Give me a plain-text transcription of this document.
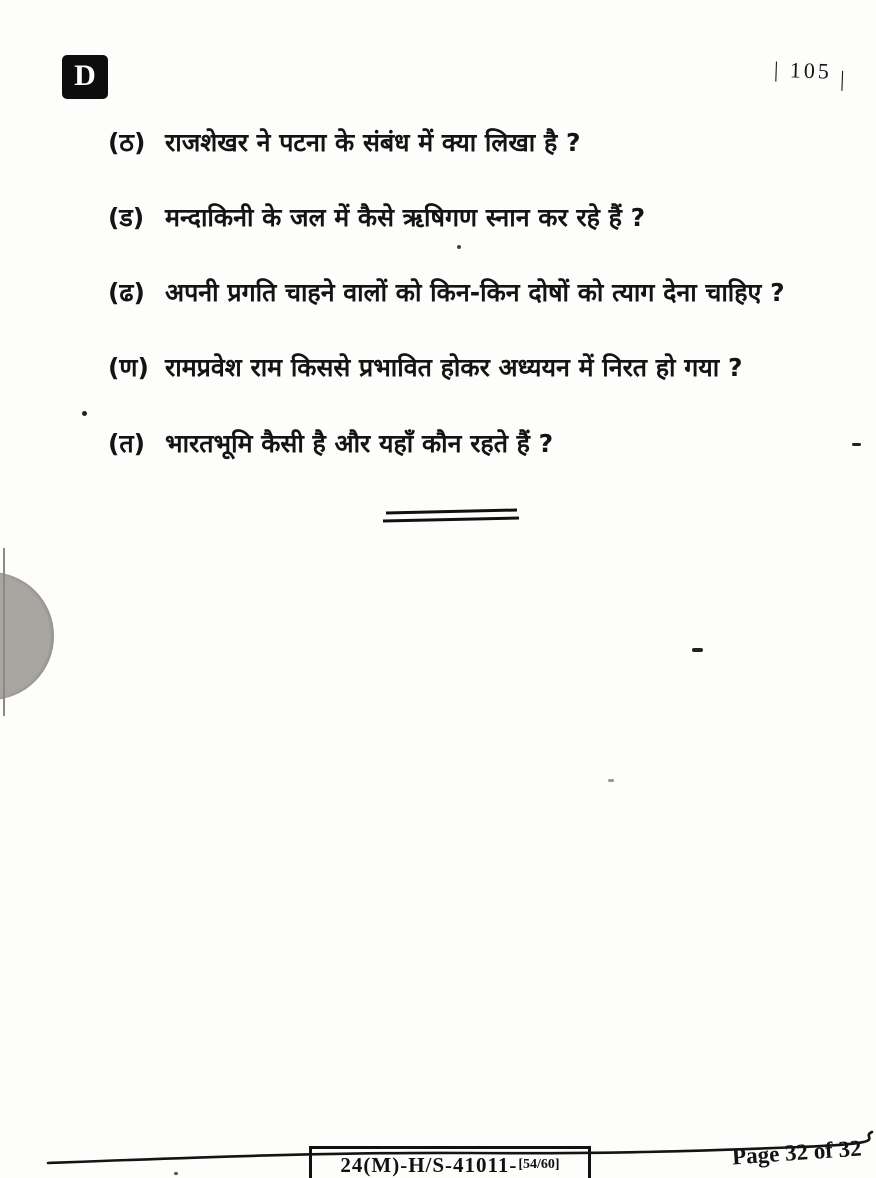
D	| 105 |
(ठ) राजशेखर ने पटना के संबंध में क्या लिखा है ?
(ड) मन्दाकिनी के जल में कैसे ऋषिगण स्नान कर रहे हैं ?
(ढ) अपनी प्रगति चाहने वालों को किन-किन दोषों को त्याग देना चाहिए ?
(ण) रामप्रवेश राम किससे प्रभावित होकर अध्ययन में निरत हो गया ?
(त) भारतभूमि कैसी है और यहाँ कौन रहते हैं ?
24(M)-H/S-41011- [54/60]	Page 32 of 32
